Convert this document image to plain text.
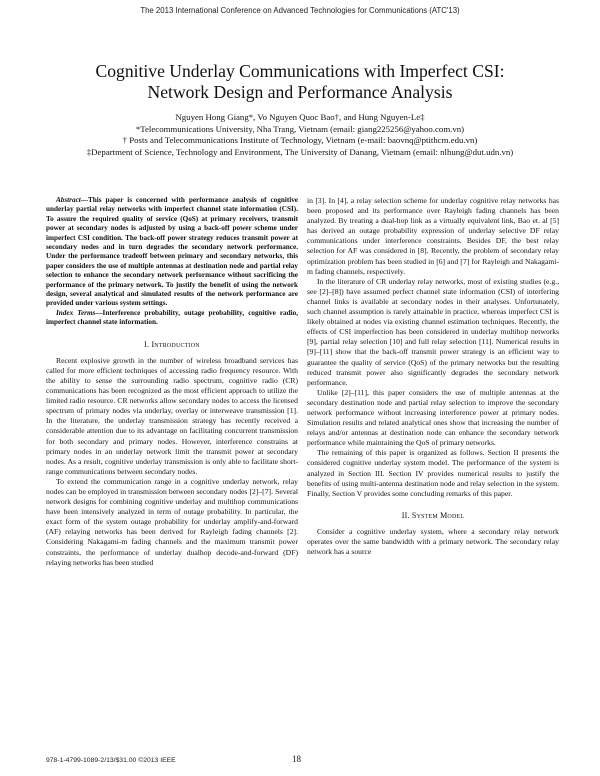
The 2013 International Conference on Advanced Technologies for Communications (ATC'13)
Cognitive Underlay Communications with Imperfect CSI:
Network Design and Performance Analysis
Nguyen Hong Giang*, Vo Nguyen Quoc Bao†, and Hung Nguyen-Le‡
*Telecommunications University, Nha Trang, Vietnam (email: giang225256@yahoo.com.vn)
† Posts and Telecommunications Institute of Technology, Vietnam (e-mail: baovnq@ptithcm.edu.vn)
‡Department of Science, Technology and Environment, The University of Danang, Vietnam (email: nlhung@dut.udn.vn)

Abstract—This paper is concerned with performance analysis of cognitive underlay partial relay networks with imperfect channel state information (CSI). To assure the required quality of service (QoS) at primary receivers, transmit power at secondary nodes is adjusted by using a back-off power scheme under imperfect CSI condition. The back-off power strategy reduces transmit power at secondary nodes and in turn degrades the secondary network performance. Under the performance tradeoff between primary and secondary networks, this paper considers the use of multiple antennas at destination node and partial relay selection to enhance the secondary network performance without sacrificing the performance of the primary network. To justify the benefit of using the network design, several analytical and simulated results of the network performance are provided under various system settings.

Index Terms—Interference probability, outage probability, cognitive radio, imperfect channel state information.

I. Introduction

Recent explosive growth in the number of wireless broadband services has called for more efficient techniques of accessing radio frequency resource. With the ability to sense the surrounding radio spectrum, cognitive radio (CR) communications has been recognized as the most efficient approach to utilize the limited radio resource. CR networks allow secondary nodes to access the licensed spectrum of primary nodes via underlay, overlay or interweave transmission [1]. In the literature, the underlay transmission strategy has recently received a considerable attention due to its advantage on facilitating concurrent transmission for both secondary and primary nodes. However, interference constrains at primary nodes in an underlay network limit the transmit power at secondary nodes. As a result, cognitive underlay transmission is only able to facilitate short-range communications between secondary nodes.

To extend the communication range in a cognitive underlay network, relay nodes can be employed in transmission between secondary nodes [2]–[7]. Several network designs for combining cognitive underlay and multihop communications have been intensively analyzed in term of outage probability. In particular, the exact form of the system outage probability for underlay amplify-and-forward (AF) relaying networks has been derived for Rayleigh fading channels [2]. Considering Nakagami-m fading channels and the maximum transmit power constraints, the performance of underlay dualhop decode-and-forward (DF) relaying networks has been studied

in [3]. In [4], a relay selection scheme for underlay cognitive relay networks has been proposed and its performance over Rayleigh fading channels has been analyzed. By treating a dual-hop link as a virtually equivalent link, Bao et. al [5] has derived an outage probability expression of underlay selective DF relay communications under interference constraints. Besides DF, the best relay selection for AF was considered in [8]. Recently, the problem of secondary relay optimization problem has been studied in [6] and [7] for Rayleigh and Nakagami-m fading channels, respectively.

In the literature of CR underlay relay networks, most of existing studies (e.g., see [2]–[8]) have assumed perfect channel state information (CSI) of interfering channel links is available at secondary nodes in their analyses. Unfortunately, such channel assumption is rarely attainable in practice, whereas imperfect CSI is likely obtained at nodes via existing channel estimation techniques. Recently, the effects of CSI imperfection has been considered in underlay multihop networks [9], partial relay selection [10] and full relay selection [11]. Numerical results in [9]–[11] show that the back-off transmit power strategy is an efficient way to guarantee the quality of service (QoS) of the primary networks but the resulting reduced transmit power also significantly degrades the secondary network performance.

Unlike [2]–[11], this paper considers the use of multiple antennas at the secondary destination node and partial relay selection to improve the secondary network performance without increasing interference power at primary nodes. Simulation results and related analytical ones show that increasing the number of relays and/or antennas at destination node can enhance the secondary network performance while maintaining the QoS of primary networks.

The remaining of this paper is organized as follows. Section II presents the considered cognitive underlay system model. The performance of the system is analyzed in Section III. Section IV provides numerical results to justify the benefits of using multi-antenna destination node and relay selection in the system. Finally, Section V provides some concluding remarks of this paper.

II. System Model

Consider a cognitive underlay system, where a secondary relay network operates over the same bandwidth with a primary network. The secondary relay network has a source

978-1-4799-1089-2/13/$31.00 ©2013 IEEE	18
